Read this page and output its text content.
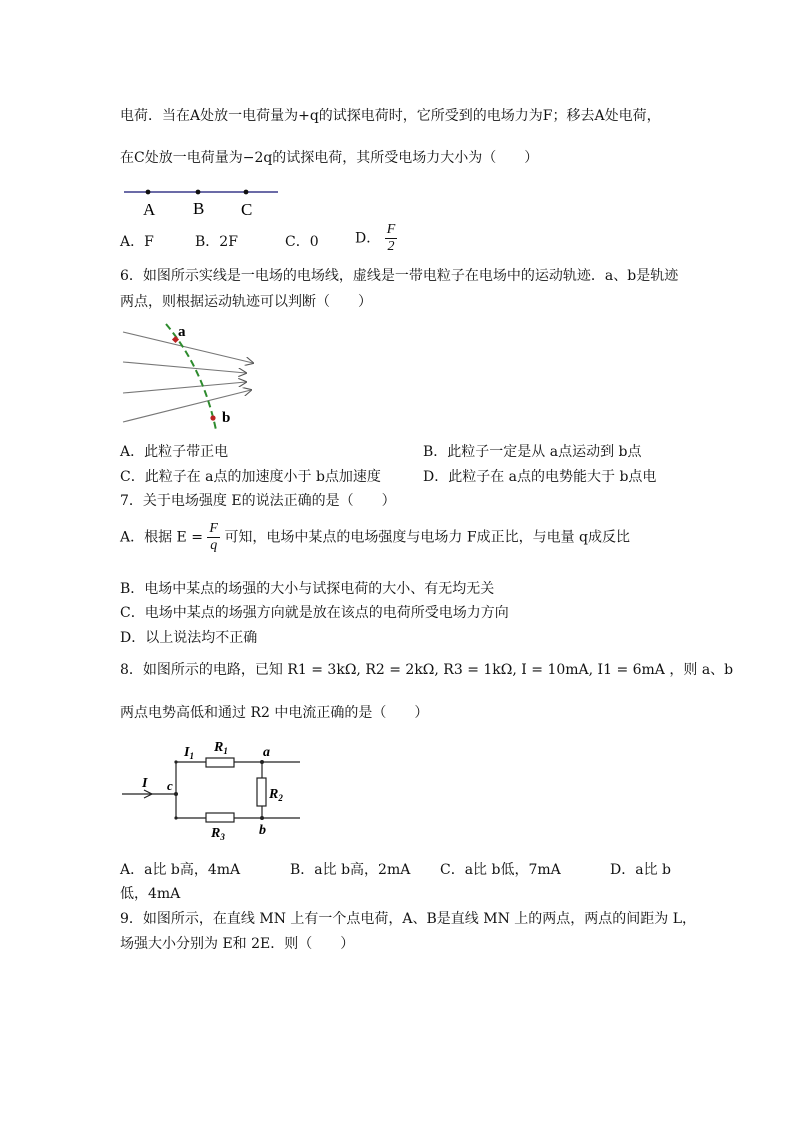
电荷．当在A处放一电荷量为+q的试探电荷时，它所受到的电场力为F；移去A处电荷，
在C处放一电荷量为−2q的试探电荷，其所受电场力大小为（　　）
A B C
A．F	B．2F	C．0	D． $\frac{F}{2}$
6．如图所示实线是一电场的电场线，虚线是一带电粒子在电场中的运动轨迹．a、b是轨迹
两点，则根据运动轨迹可以判断（　　）
a
b
A．此粒子带正电	B．此粒子一定是从 a点运动到 b点
C．此粒子在 a点的加速度小于 b点加速度	D．此粒子在 a点的电势能大于 b点电
7．关于电场强度 E的说法正确的是（　　）
A．根据 $E = \frac{F}{q}$ 可知，电场中某点的电场强度与电场力 F成正比，与电量 q成反比
B．电场中某点的场强的大小与试探电荷的大小、有无均无关
C．电场中某点的场强方向就是放在该点的电荷所受电场力方向
D．以上说法均不正确
8．如图所示的电路，已知 R1 = 3kΩ, R2 = 2kΩ, R3 = 1kΩ, I = 10mA, I1 = 6mA ，则 a、b
两点电势高低和通过 R2 中电流正确的是（　　）
$I_1$
$R_1$	a
I c
$R_2$
$R_3$ b
A．a比 b高，4mA	B．a比 b高，2mA C．a比 b低，7mA	D．a比 b
低，4mA
9．如图所示，在直线 MN 上有一个点电荷，A、B是直线 MN 上的两点，两点的间距为 L，
场强大小分别为 E和 2E．则（　　）
